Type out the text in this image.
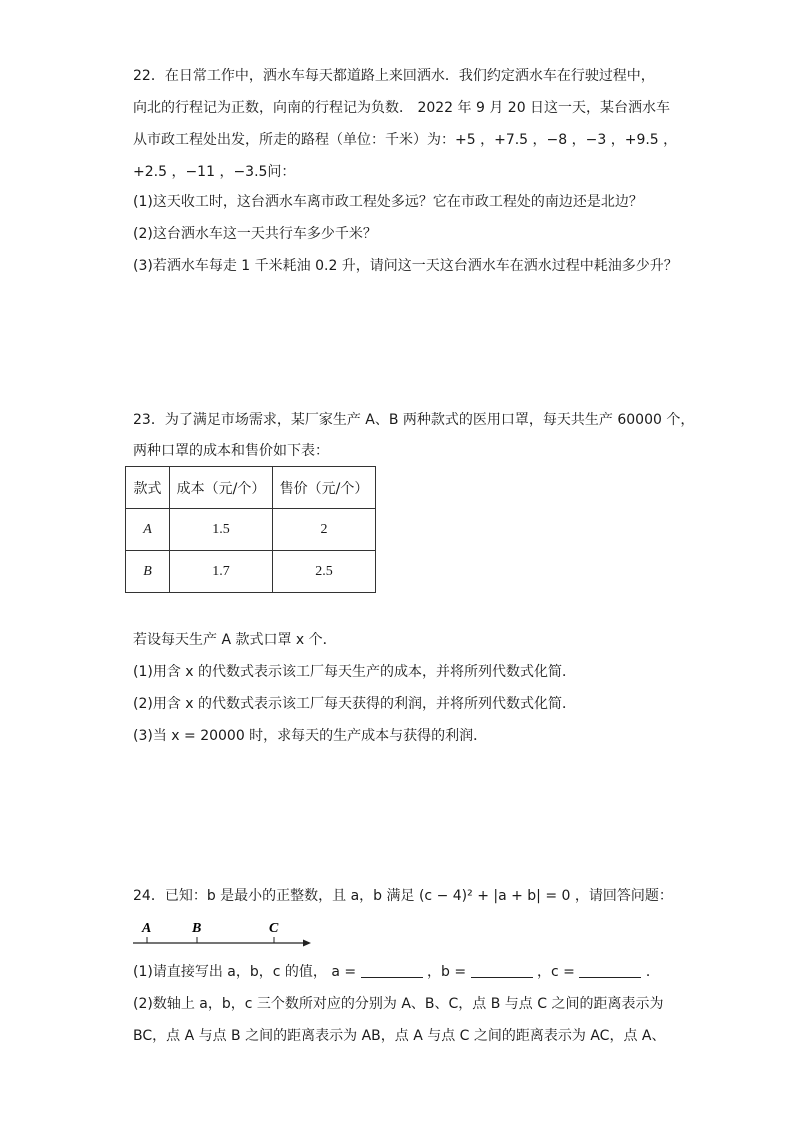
22．在日常工作中，洒水车每天都道路上来回洒水．我们约定洒水车在行驶过程中，
向北的行程记为正数，向南的行程记为负数． 2022 年 9 月 20 日这一天，某台洒水车
从市政工程处出发，所走的路程（单位：千米）为：+5 ，+7.5 ，−8 ，−3 ，+9.5 ，
+2.5 ，−11 ，−3.5问：
(1)这天收工时，这台洒水车离市政工程处多远？它在市政工程处的南边还是北边？
(2)这台洒水车这一天共行车多少千米？
(3)若洒水车每走 1 千米耗油 0.2 升，请问这一天这台洒水车在洒水过程中耗油多少升？
23．为了满足市场需求，某厂家生产 A、B 两种款式的医用口罩，每天共生产 60000 个，
两种口罩的成本和售价如下表：
款式	成本（元/个）	售价（元/个）
A	1.5	2
B	1.7	2.5
若设每天生产 A 款式口罩 x 个．
(1)用含 x 的代数式表示该工厂每天生产的成本，并将所列代数式化简．
(2)用含 x 的代数式表示该工厂每天获得的利润，并将所列代数式化简．
(3)当 x = 20000 时，求每天的生产成本与获得的利润．
24．已知：b 是最小的正整数，且 a，b 满足 (c − 4)² + |a + b| = 0 ，请回答问题：
A	B	C
(1)请直接写出 a，b，c 的值， a =	，b =	，c =	．
(2)数轴上 a，b，c 三个数所对应的分别为 A、B、C，点 B 与点 C 之间的距离表示为
BC，点 A 与点 B 之间的距离表示为 AB，点 A 与点 C 之间的距离表示为 AC，点 A、
